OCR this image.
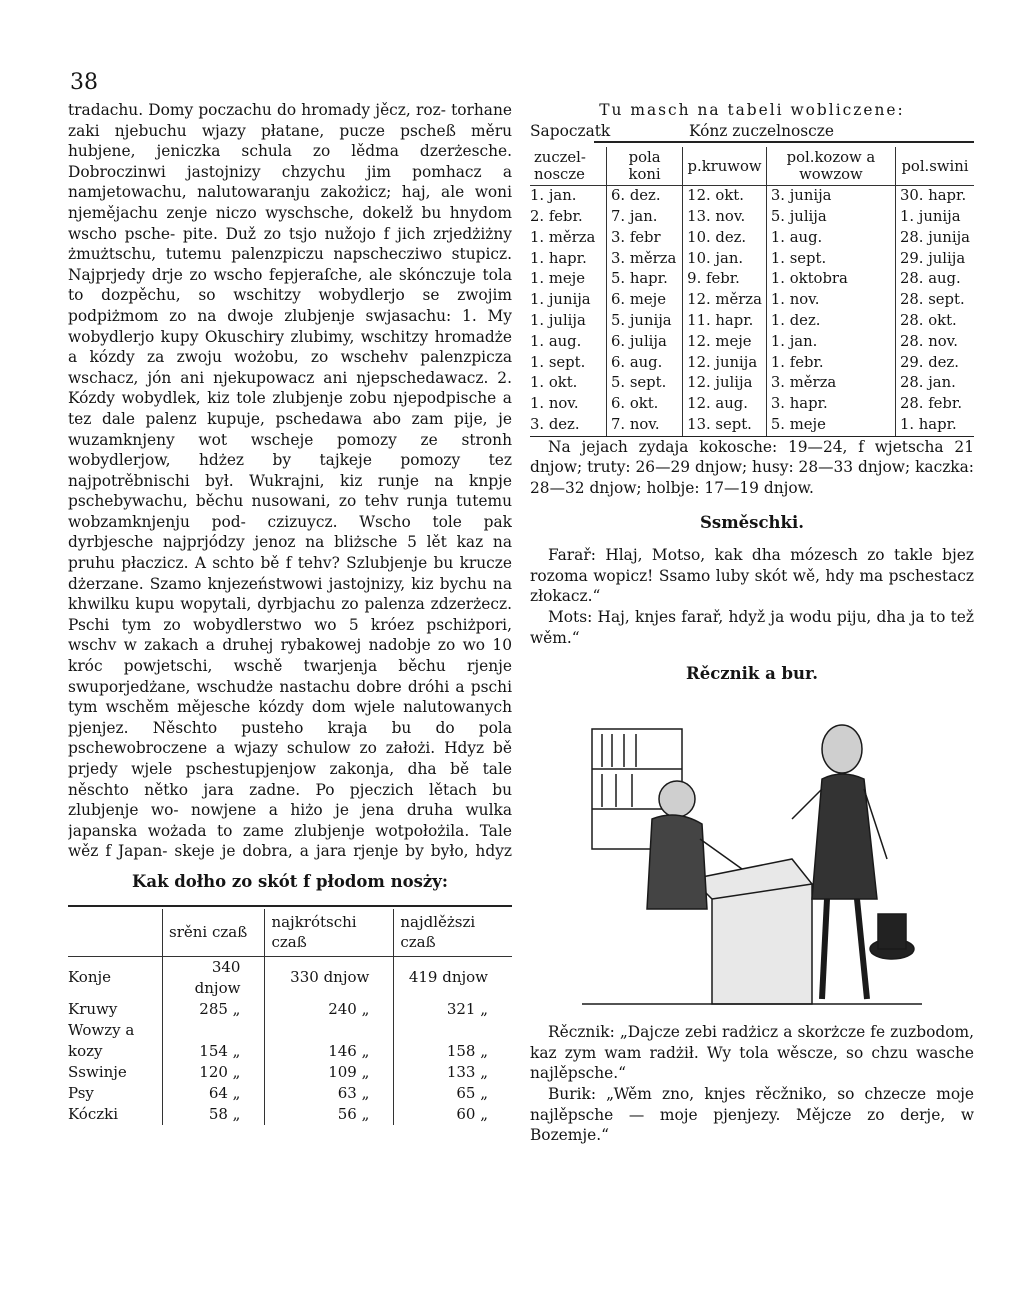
38

tradachu. Domy poczachu do hromady jěcz, roz- torhane zaki njebuchu wjazy płatane, pucze pscheß měru hubjene, jeniczka schula zo lědma dzerżesche. Dobroczinwi jastojnizy chzychu jim pomhacz a namjetowachu, nalutowaranju zakożicz; haj, ale woni njemějachu zenje niczo wyschsche, dokelž bu hnydom wscho psche- pite. Duž zo tsjo nužojo f jich zrjedżiżny żmużtschu, tutemu palenzpiczu napschecziwo stupicz. Najprjedy drje zo wscho fepjeraſche, ale skónczuje tola to dozpěchu, so wschitzy wobydlerjo se zwojim podpiżmom zo na dwoje zlubjenje swjasachu: 1. My wobydlerjo kupy Okuschiry zlubimy, wschitzy hromadże a kózdy za zwoju wożobu, zo wschehv palenzpicza wschacz, jón ani njekupowacz ani njepschedawacz. 2. Kózdy wobydlek, kiz tole zlubjenje zobu njepodpische a tez dale palenz kupuje, pschedawa abo zam pije, je wuzamknjeny wot wscheje pomozy ze stronh wobydlerjow, hdżez by tajkeje pomozy tez najpotrěbnischi był. Wukrajni, kiz runje na knpje pschebywachu, běchu nusowani, zo tehv runja tutemu wobzamknjenju pod- czizuycz. Wscho tole pak dyrbjesche najprjódzy jenoz na bliżsche 5 lět kaz na pruhu płaczicz. A schto bě f tehv? Szlubjenje bu krucze dżerzane. Szamo knjezeństwowi jastojnizy, kiz bychu na khwilku kupu wopytali, dyrbjachu zo palenza zdzerżecz. Pschi tym zo wobydlerstwo wo 5 króez pschiżpori, wschv w zakach a druhej rybakowej nadobje zo wo 10 króc powjetschi, wschě twarjenja běchu rjenje swuporjedżane, wschudże nastachu dobre dróhi a pschi tym wschěm mějesche kózdy dom wjele nalutowanych pjenjez. Něschto pusteho kraja bu do pola pschewobroczene a wjazy schulow zo założi. Hdyz bě prjedy wjele pschestupjenjow zakonja, dha bě tale něschto nětko jara zadne. Po pjeczich lětach bu zlubjenje wo- nowjene a hiżo je jena druha wulka japanska wożada to zame zlubjenje wotpołożila. Tale wěz f Japan- skeje je dobra, a jara rjenje by było, hdyz

Kak dołho zo skót f płodom nosży:
	srěni czaß	najkrótschi czaß	najdlěższi czaß
Konje	340 dnjow	330 dnjow	419 dnjow
Kruwy	285 „	240 „	321 „
Wowzy a			
kozy	154 „	146 „	158 „
Sswinje	120 „	109 „	133 „
Psy	64 „	63 „	65 „
Kóczki	58 „	56 „	60 „
Tu masch na tabeli wobliczene:
Sapoczatk	Kónz zuczelnoscze
zuczel- noscze	pola koni	p.kruwow	pol.kozow a wowzow	pol.swini
1. jan.	6. dez.	12. okt.	3. junija	30. hapr.
2. febr.	7. jan.	13. nov.	5. julija	1. junija
1. měrza	3. febr	10. dez.	1. aug.	28. junija
1. hapr.	3. měrza	10. jan.	1. sept.	29. julija
1. meje	5. hapr.	9. febr.	1. oktobra	28. aug.
1. junija	6. meje	12. měrza	1. nov.	28. sept.
1. julija	5. junija	11. hapr.	1. dez.	28. okt.
1. aug.	6. julija	12. meje	1. jan.	28. nov.
1. sept.	6. aug.	12. junija	1. febr.	29. dez.
1. okt.	5. sept.	12. julija	3. měrza	28. jan.
1. nov.	6. okt.	12. aug.	3. hapr.	28. febr.
3. dez.	7. nov.	13. sept.	5. meje	1. hapr.

Na jejach zydaja kokosche: 19—24, f wjetscha 21 dnjow; truty: 26—29 dnjow; husy: 28—33 dnjow; kaczka: 28—32 dnjow; holbje: 17—19 dnjow.

Ssměschki.

Farař: Hlaj, Motso, kak dha mózesch zo takle bjez rozoma wopicz! Ssamo luby skót wě, hdy ma pschestacz złokacz.“

Mots: Haj, knjes farař, hdyž ja wodu piju, dha ja to tež wěm.“

Rěcznik a bur.

Rěcznik: „Dajcze zebi radżicz a skorżcze fe zuzbodom, kaz zym wam radżił. Wy tola wěscze, so chzu wasche najlěpsche.“

Burik: „Wěm zno, knjes rěcžniko, so chzecze moje najlěpsche — moje pjenjezy. Mějcze zo derje, w Bozemje.“
